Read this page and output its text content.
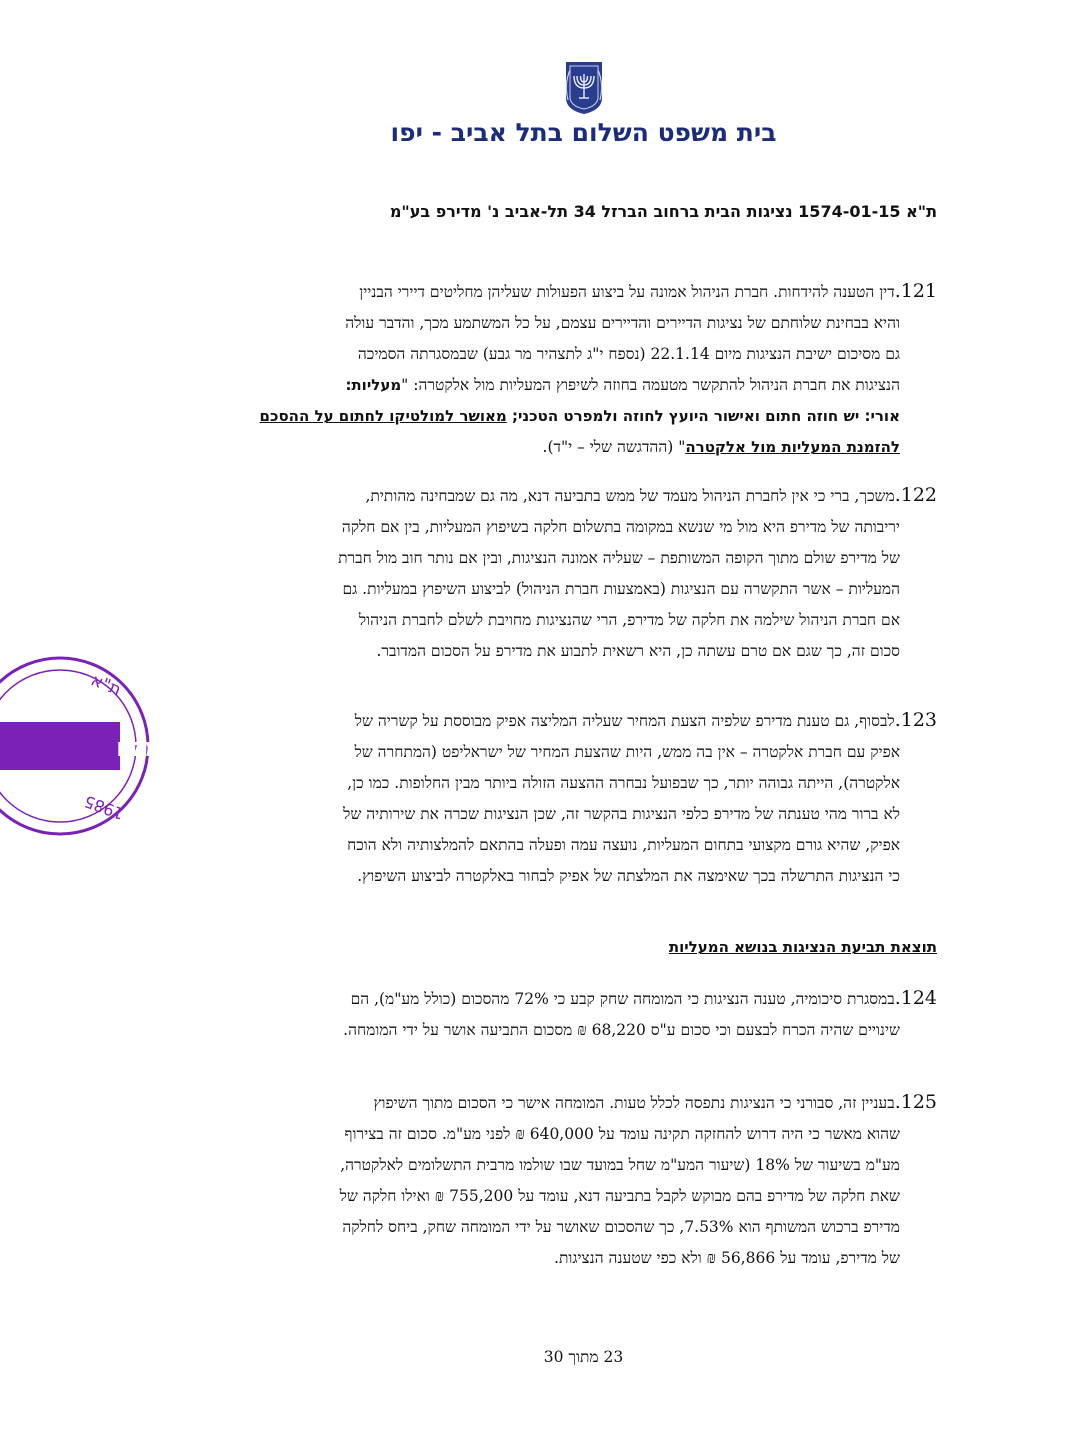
בית משפט השלום בתל אביב - יפו
ת"א 1574-01-15 נציגות הבית ברחוב הברזל 34 תל-אביב נ' מדירפ בע"מ
121.דין הטענה להידחות. חברת הניהול אמונה על ביצוע הפעולות שעליהן מחליטים דיירי הבניין
והיא בבחינת שלוחתם של נציגות הדיירים והדיירים עצמם, על כל המשתמע מכך, והדבר עולה
גם מסיכום ישיבת הנציגות מיום 22.1.14 (נספח י"ג לתצהיר מר גבע) שבמסגרתה הסמיכה
הנציגות את חברת הניהול להתקשר מטעמה בחוזה לשיפוץ המעליות מול אלקטרה: "מעליות:
אורי: יש חוזה חתום ואישור היועץ לחוזה ולמפרט הטכני; מאושר למולטיקו לחתום על ההסכם
להזמנת המעליות מול אלקטרה" (ההדגשה שלי – י"ד).
122.משכך, ברי כי אין לחברת הניהול מעמד של ממש בתביעה דנא, מה גם שמבחינה מהותית,
יריבותה של מדירפ היא מול מי שנשא במקומה בתשלום חלקה בשיפוץ המעליות, בין אם חלקה
של מדירפ שולם מתוך הקופה המשותפת – שעליה אמונה הנציגות, ובין אם נותר חוב מול חברת
המעליות – אשר התקשרה עם הנציגות (באמצעות חברת הניהול) לביצוע השיפוץ במעליות. גם
אם חברת הניהול שילמה את חלקה של מדירפ, הרי שהנציגות מחויבת לשלם לחברת הניהול
סכום זה, כך שגם אם טרם עשתה כן, היא רשאית לתבוע את מדירפ על הסכום המדובר.
123.לבסוף, גם טענת מדירפ שלפיה הצעת המחיר שעליה המליצה אפיק מבוססת על קשריה של
אפיק עם חברת אלקטרה – אין בה ממש, היות שהצעת המחיר של ישראליפט (המתחרה של
אלקטרה), הייתה גבוהה יותר, כך שבפועל נבחרה ההצעה הזולה ביותר מבין החלופות. כמו כן,
לא ברור מהי טענתה של מדירפ כלפי הנציגות בהקשר זה, שכן הנציגות שכרה את שירותיה של
אפיק, שהיא גורם מקצועי בתחום המעליות, נועצה עמה ופעלה בהתאם להמלצותיה ולא הוכח
כי הנציגות התרשלה בכך שאימצה את המלצתה של אפיק לבחור באלקטרה לביצוע השיפוץ.
תוצאת תביעת הנציגות בנושא המעליות
124.במסגרת סיכומיה, טענה הנציגות כי המומחה שחק קבע כי 72% מהסכום (כולל מע"מ), הם
שינויים שהיה הכרח לבצעם וכי סכום ע"ס 68,220 ₪ מסכום התביעה אושר על ידי המומחה.
125.בעניין זה, סבורני כי הנציגות נתפסה לכלל טעות. המומחה אישר כי הסכום מתוך השיפוץ
שהוא מאשר כי היה דרוש להחזקה תקינה עומד על 640,000 ₪ לפני מע"מ. סכום זה בצירוף
מע"מ בשיעור של 18% (שיעור המע"מ שחל במועד שבו שולמו מרבית התשלומים לאלקטרה,
שאת חלקה של מדירפ בהם מבוקש לקבל בתביעה דנא, עומד על 755,200 ₪ ואילו חלקה של
מדירפ ברכוש המשותף הוא 7.53%, כך שהסכום שאושר על ידי המומחה שחק, ביחס לחלקה
של מדירפ, עומד על 56,866 ₪ ולא כפי שטענה הנציגות.

23 מתוך 30

ת"א
למקו
1985
